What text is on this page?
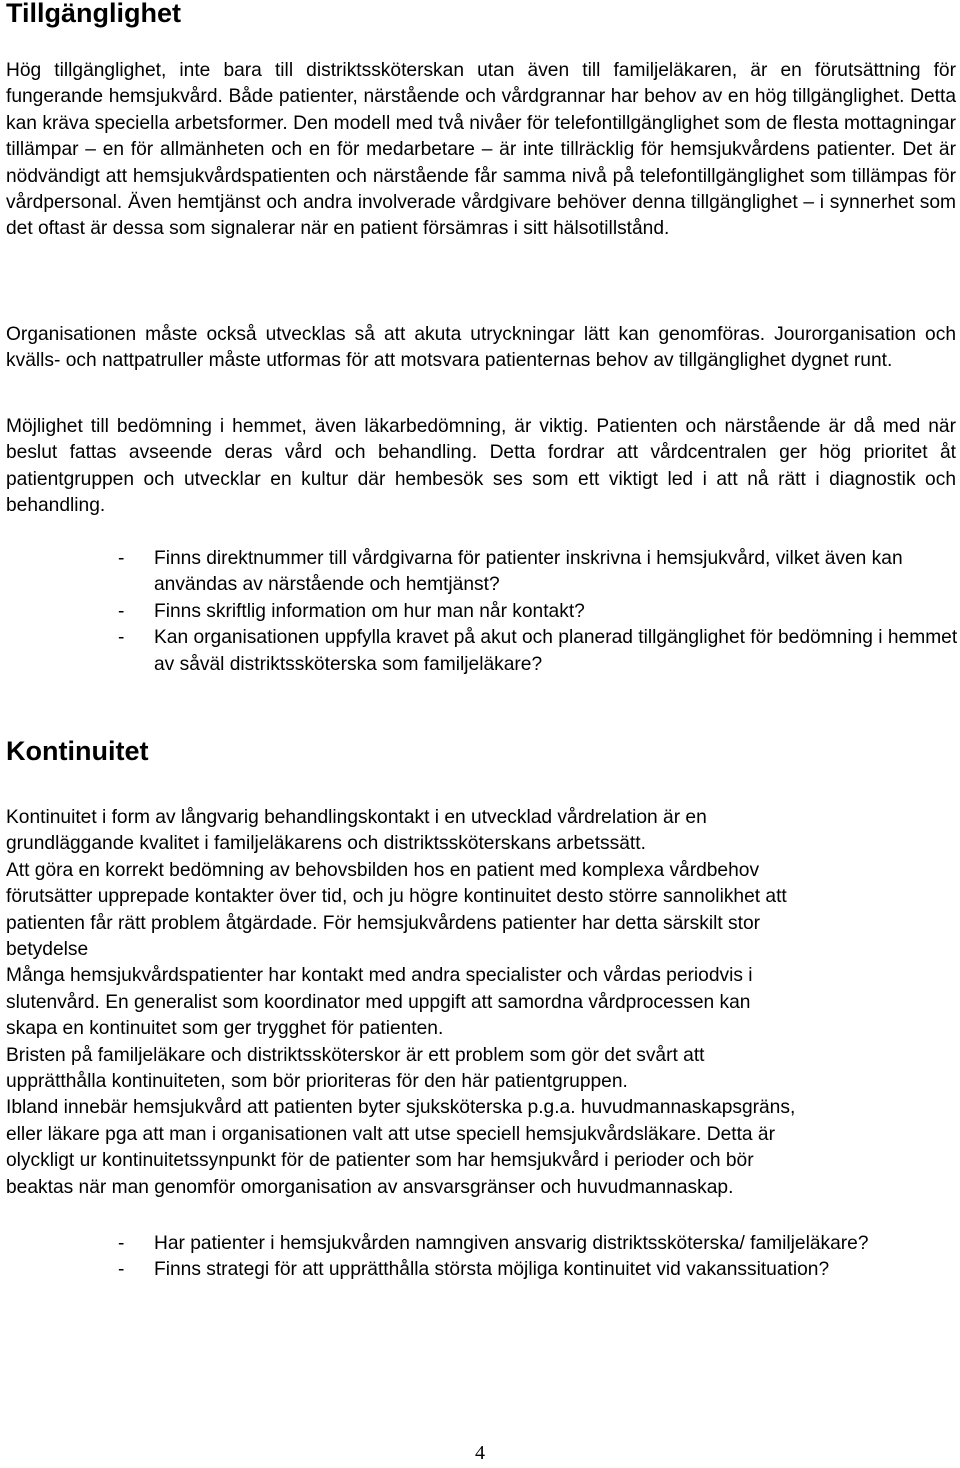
Tillgänglighet

Hög tillgänglighet, inte bara till distriktssköterskan utan även till familjeläkaren, är en förutsättning för fungerande hemsjukvård. Både patienter, närstående och vårdgrannar har behov av en hög tillgänglighet. Detta kan kräva speciella arbetsformer. Den modell med två nivåer för telefontillgänglighet som de flesta mottagningar tillämpar – en för allmänheten och en för medarbetare – är inte tillräcklig för hemsjukvårdens patienter. Det är nödvändigt att hemsjukvårdspatienten och närstående får samma nivå på telefontillgänglighet som tillämpas för vårdpersonal. Även hemtjänst och andra involverade vårdgivare behöver denna tillgänglighet – i synnerhet som det oftast är dessa som signalerar när en patient försämras i sitt hälsotillstånd.

Organisationen måste också utvecklas så att akuta utryckningar lätt kan genomföras. Jourorganisation och kvälls- och nattpatruller måste utformas för att motsvara patienternas behov av tillgänglighet dygnet runt.

Möjlighet till bedömning i hemmet, även läkarbedömning, är viktig. Patienten och närstående är då med när beslut fattas avseende deras vård och behandling. Detta fordrar att vårdcentralen ger hög prioritet åt patientgruppen och utvecklar en kultur där hembesök ses som ett viktigt led i att nå rätt i diagnostik och behandling.

- Finns direktnummer till vårdgivarna för patienter inskrivna i hemsjukvård, vilket även kan användas av närstående och hemtjänst?
- Finns skriftlig information om hur man når kontakt?
- Kan organisationen uppfylla kravet på akut och planerad tillgänglighet för bedömning i hemmet av såväl distriktssköterska som familjeläkare?
Kontinuitet
Kontinuitet i form av långvarig behandlingskontakt i en utvecklad vårdrelation är en
grundläggande kvalitet i familjeläkarens och distriktssköterskans arbetssätt.
Att göra en korrekt bedömning av behovsbilden hos en patient med komplexa vårdbehov
förutsätter upprepade kontakter över tid, och ju högre kontinuitet desto större sannolikhet att
patienten får rätt problem åtgärdade. För hemsjukvårdens patienter har detta särskilt stor
betydelse
Många hemsjukvårdspatienter har kontakt med andra specialister och vårdas periodvis i
slutenvård. En generalist som koordinator med uppgift att samordna vårdprocessen kan
skapa en kontinuitet som ger trygghet för patienten.
Bristen på familjeläkare och distriktssköterskor är ett problem som gör det svårt att
upprätthålla kontinuiteten, som bör prioriteras för den här patientgruppen.
Ibland innebär hemsjukvård att patienten byter sjuksköterska p.g.a. huvudmannaskapsgräns,
eller läkare pga att man i organisationen valt att utse speciell hemsjukvårdsläkare. Detta är
olyckligt ur kontinuitetssynpunkt för de patienter som har hemsjukvård i perioder och bör
beaktas när man genomför omorganisation av ansvarsgränser och huvudmannaskap.
- Har patienter i hemsjukvården namngiven ansvarig distriktssköterska/ familjeläkare?
- Finns strategi för att upprätthålla största möjliga kontinuitet vid vakanssituation?
4
